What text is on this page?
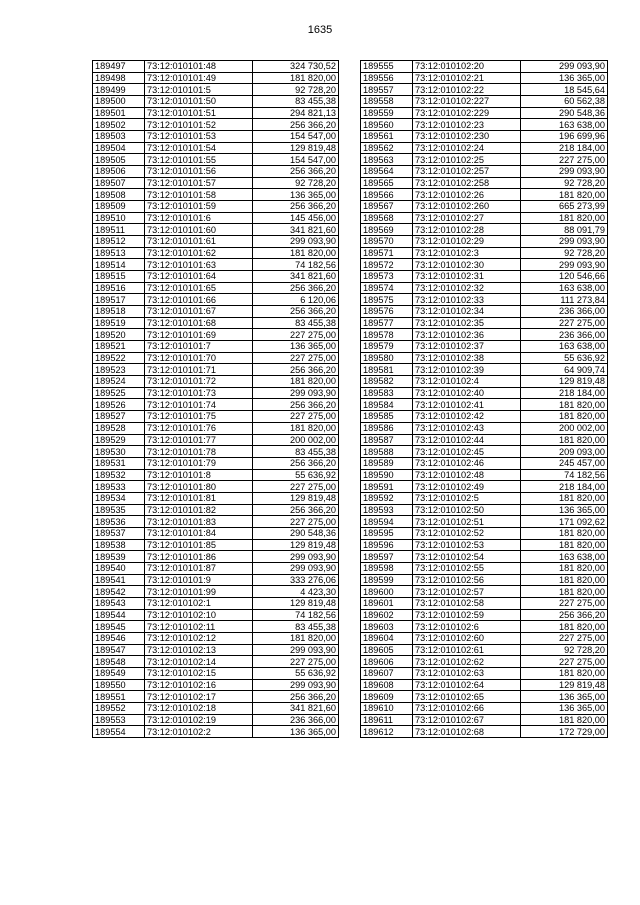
1635
189497	73:12:010101:48	324 730,52
189498	73:12:010101:49	181 820,00
189499	73:12:010101:5	92 728,20
189500	73:12:010101:50	83 455,38
189501	73:12:010101:51	294 821,13
189502	73:12:010101:52	256 366,20
189503	73:12:010101:53	154 547,00
189504	73:12:010101:54	129 819,48
189505	73:12:010101:55	154 547,00
189506	73:12:010101:56	256 366,20
189507	73:12:010101:57	92 728,20
189508	73:12:010101:58	136 365,00
189509	73:12:010101:59	256 366,20
189510	73:12:010101:6	145 456,00
189511	73:12:010101:60	341 821,60
189512	73:12:010101:61	299 093,90
189513	73:12:010101:62	181 820,00
189514	73:12:010101:63	74 182,56
189515	73:12:010101:64	341 821,60
189516	73:12:010101:65	256 366,20
189517	73:12:010101:66	6 120,06
189518	73:12:010101:67	256 366,20
189519	73:12:010101:68	83 455,38
189520	73:12:010101:69	227 275,00
189521	73:12:010101:7	136 365,00
189522	73:12:010101:70	227 275,00
189523	73:12:010101:71	256 366,20
189524	73:12:010101:72	181 820,00
189525	73:12:010101:73	299 093,90
189526	73:12:010101:74	256 366,20
189527	73:12:010101:75	227 275,00
189528	73:12:010101:76	181 820,00
189529	73:12:010101:77	200 002,00
189530	73:12:010101:78	83 455,38
189531	73:12:010101:79	256 366,20
189532	73:12:010101:8	55 636,92
189533	73:12:010101:80	227 275,00
189534	73:12:010101:81	129 819,48
189535	73:12:010101:82	256 366,20
189536	73:12:010101:83	227 275,00
189537	73:12:010101:84	290 548,36
189538	73:12:010101:85	129 819,48
189539	73:12:010101:86	299 093,90
189540	73:12:010101:87	299 093,90
189541	73:12:010101:9	333 276,06
189542	73:12:010101:99	4 423,30
189543	73:12:010102:1	129 819,48
189544	73:12:010102:10	74 182,56
189545	73:12:010102:11	83 455,38
189546	73:12:010102:12	181 820,00
189547	73:12:010102:13	299 093,90
189548	73:12:010102:14	227 275,00
189549	73:12:010102:15	55 636,92
189550	73:12:010102:16	299 093,90
189551	73:12:010102:17	256 366,20
189552	73:12:010102:18	341 821,60
189553	73:12:010102:19	236 366,00
189554	73:12:010102:2	136 365,00
189555	73:12:010102:20	299 093,90
189556	73:12:010102:21	136 365,00
189557	73:12:010102:22	18 545,64
189558	73:12:010102:227	60 562,38
189559	73:12:010102:229	290 548,36
189560	73:12:010102:23	163 638,00
189561	73:12:010102:230	196 699,96
189562	73:12:010102:24	218 184,00
189563	73:12:010102:25	227 275,00
189564	73:12:010102:257	299 093,90
189565	73:12:010102:258	92 728,20
189566	73:12:010102:26	181 820,00
189567	73:12:010102:260	665 273,99
189568	73:12:010102:27	181 820,00
189569	73:12:010102:28	88 091,79
189570	73:12:010102:29	299 093,90
189571	73:12:010102:3	92 728,20
189572	73:12:010102:30	299 093,90
189573	73:12:010102:31	120 546,66
189574	73:12:010102:32	163 638,00
189575	73:12:010102:33	111 273,84
189576	73:12:010102:34	236 366,00
189577	73:12:010102:35	227 275,00
189578	73:12:010102:36	236 366,00
189579	73:12:010102:37	163 638,00
189580	73:12:010102:38	55 636,92
189581	73:12:010102:39	64 909,74
189582	73:12:010102:4	129 819,48
189583	73:12:010102:40	218 184,00
189584	73:12:010102:41	181 820,00
189585	73:12:010102:42	181 820,00
189586	73:12:010102:43	200 002,00
189587	73:12:010102:44	181 820,00
189588	73:12:010102:45	209 093,00
189589	73:12:010102:46	245 457,00
189590	73:12:010102:48	74 182,56
189591	73:12:010102:49	218 184,00
189592	73:12:010102:5	181 820,00
189593	73:12:010102:50	136 365,00
189594	73:12:010102:51	171 092,62
189595	73:12:010102:52	181 820,00
189596	73:12:010102:53	181 820,00
189597	73:12:010102:54	163 638,00
189598	73:12:010102:55	181 820,00
189599	73:12:010102:56	181 820,00
189600	73:12:010102:57	181 820,00
189601	73:12:010102:58	227 275,00
189602	73:12:010102:59	256 366,20
189603	73:12:010102:6	181 820,00
189604	73:12:010102:60	227 275,00
189605	73:12:010102:61	92 728,20
189606	73:12:010102:62	227 275,00
189607	73:12:010102:63	181 820,00
189608	73:12:010102:64	129 819,48
189609	73:12:010102:65	136 365,00
189610	73:12:010102:66	136 365,00
189611	73:12:010102:67	181 820,00
189612	73:12:010102:68	172 729,00
